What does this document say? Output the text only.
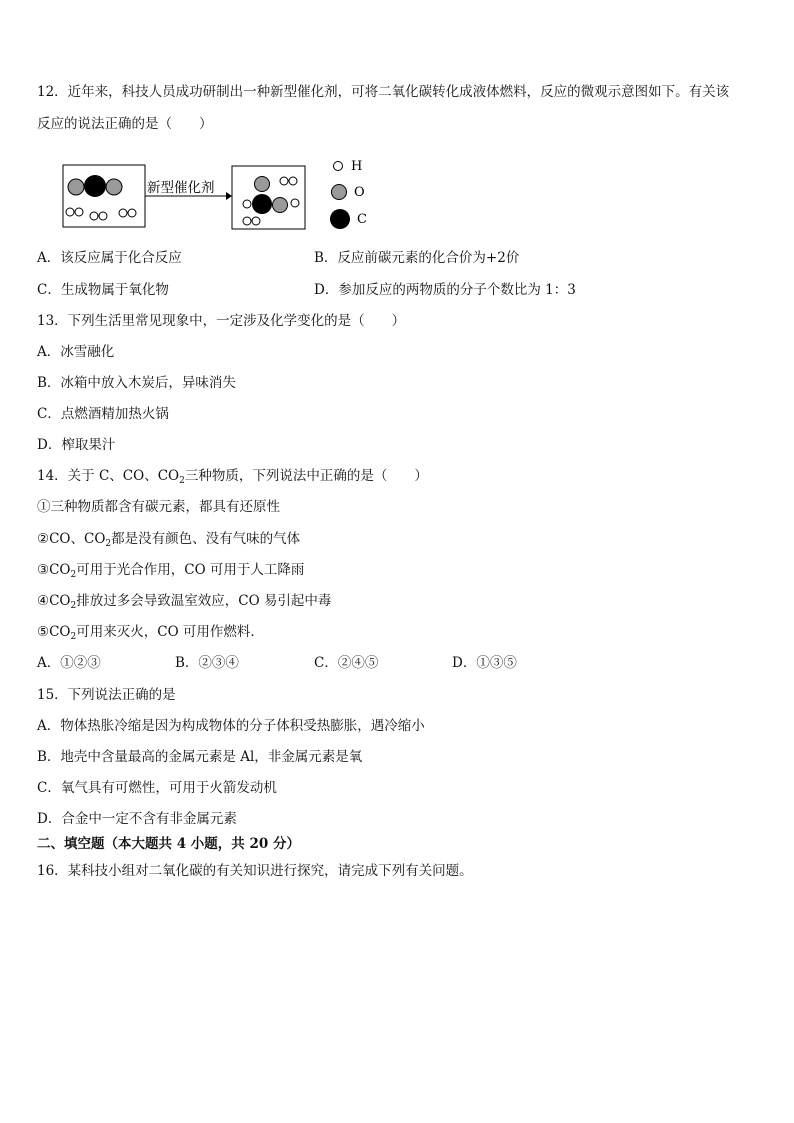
12．近年来，科技人员成功研制出一种新型催化剂，可将二氧化碳转化成液体燃料，反应的微观示意图如下。有关该
反应的说法正确的是（　　）
新型催化剂
H
O
C
A．该反应属于化合反应	B．反应前碳元素的化合价为+2价
C．生成物属于氧化物	D．参加反应的两物质的分子个数比为 1：3
13．下列生活里常见现象中，一定涉及化学变化的是（　　）
A．冰雪融化
B．冰箱中放入木炭后，异味消失
C．点燃酒精加热火锅
D．榨取果汁
14．关于 C、CO、$CO_2$三种物质，下列说法中正确的是（　　）
①三种物质都含有碳元素，都具有还原性
②CO、$CO_2$都是没有颜色、没有气味的气体
$③CO_2$可用于光合作用，CO 可用于人工降雨
$④CO_2$排放过多会导致温室效应，CO 易引起中毒
$⑤CO_2$可用来灭火，CO 可用作燃料．
A．①②③	B．②③④	C．②④⑤	D．①③⑤
15．下列说法正确的是
A．物体热胀冷缩是因为构成物体的分子体积受热膨胀，遇冷缩小
B．地壳中含量最高的金属元素是 Al，非金属元素是氧
C．氧气具有可燃性，可用于火箭发动机
D．合金中一定不含有非金属元素
二、填空题（本大题共 4 小题，共 20 分）
16．某科技小组对二氧化碳的有关知识进行探究，请完成下列有关问题。
